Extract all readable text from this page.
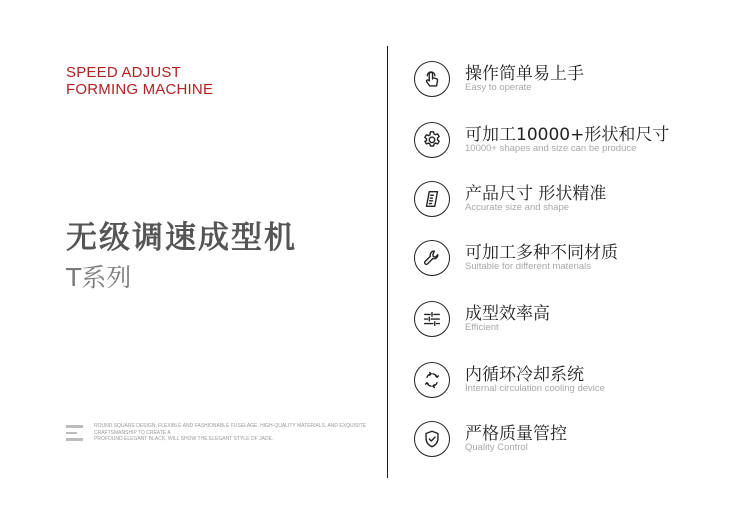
SPEED ADJUST
FORMING MACHINE
无级调速成型机
T系列
ROUND SQUARE DESIGN, FLEXIBLE AND FASHIONABLE FUSELAGE, HIGH-QUALITY MATERIALS, AND EXQUISITE
CRAFTSMANSHIP TO CREATE A
PROFOUND ELEGANT BLACK, WILL SHOW THE ELEGANT STYLE OF JADE.
操作简单易上手
Easy to operate
可加工10000+形状和尺寸
10000+ shapes and size can be produce
产品尺寸 形状精准
Accurate size and shape
可加工多种不同材质
Suitable for different materials
成型效率高
Efficient
内循环冷却系统
Internal circulation cooling device
严格质量管控
Quality Control
